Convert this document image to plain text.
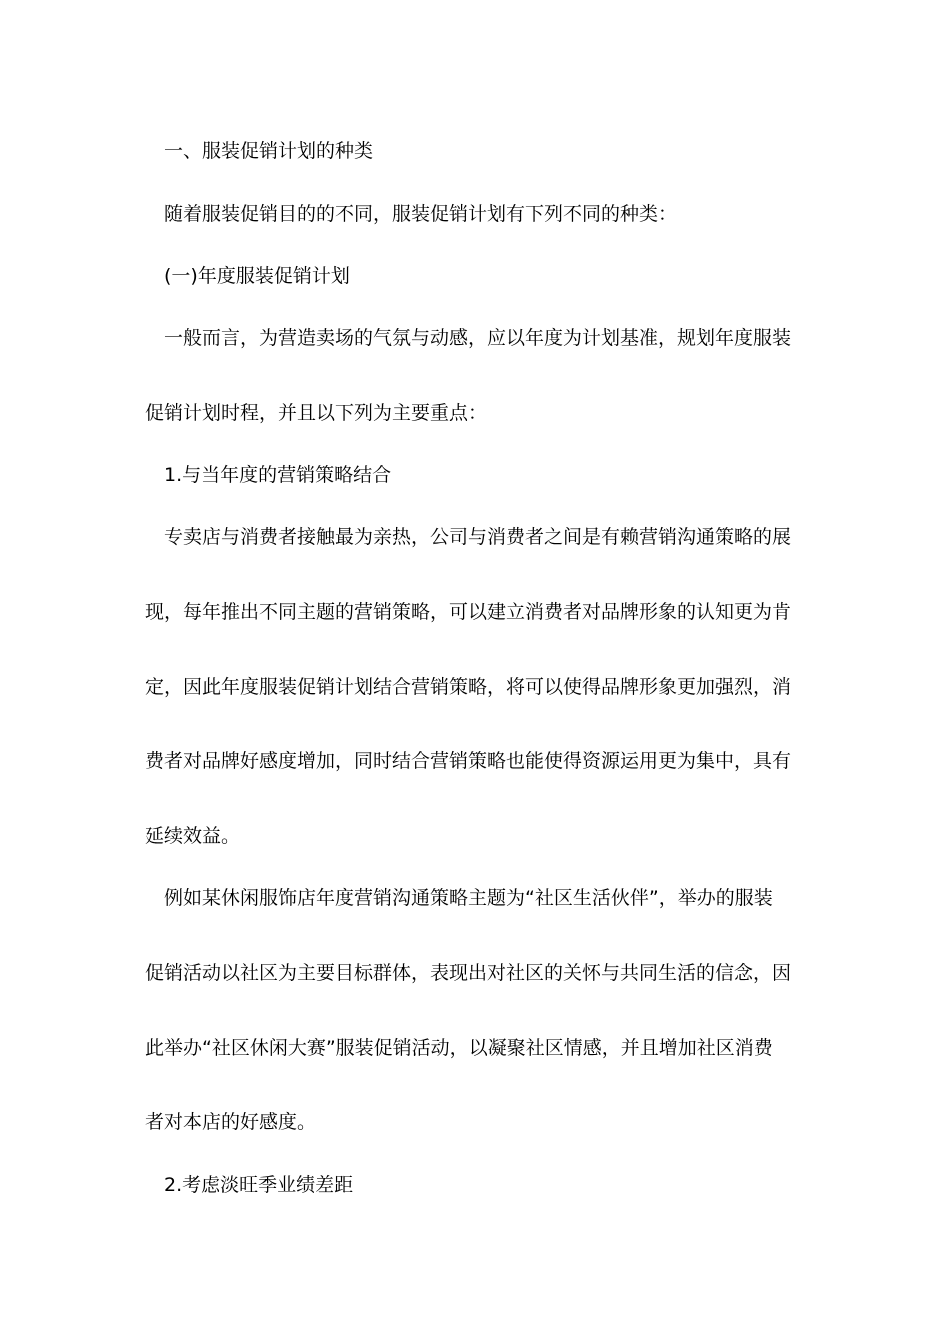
一、服装促销计划的种类
随着服装促销目的的不同，服装促销计划有下列不同的种类：
(一)年度服装促销计划
一般而言，为营造卖场的气氛与动感，应以年度为计划基准，规划年度服装
促销计划时程，并且以下列为主要重点：
1.与当年度的营销策略结合
专卖店与消费者接触最为亲热，公司与消费者之间是有赖营销沟通策略的展
现，每年推出不同主题的营销策略，可以建立消费者对品牌形象的认知更为肯
定，因此年度服装促销计划结合营销策略，将可以使得品牌形象更加强烈，消
费者对品牌好感度增加，同时结合营销策略也能使得资源运用更为集中，具有
延续效益。
例如某休闲服饰店年度营销沟通策略主题为“社区生活伙伴”，举办的服装
促销活动以社区为主要目标群体，表现出对社区的关怀与共同生活的信念，因
此举办“社区休闲大赛”服装促销活动，以凝聚社区情感，并且增加社区消费
者对本店的好感度。
2.考虑淡旺季业绩差距
